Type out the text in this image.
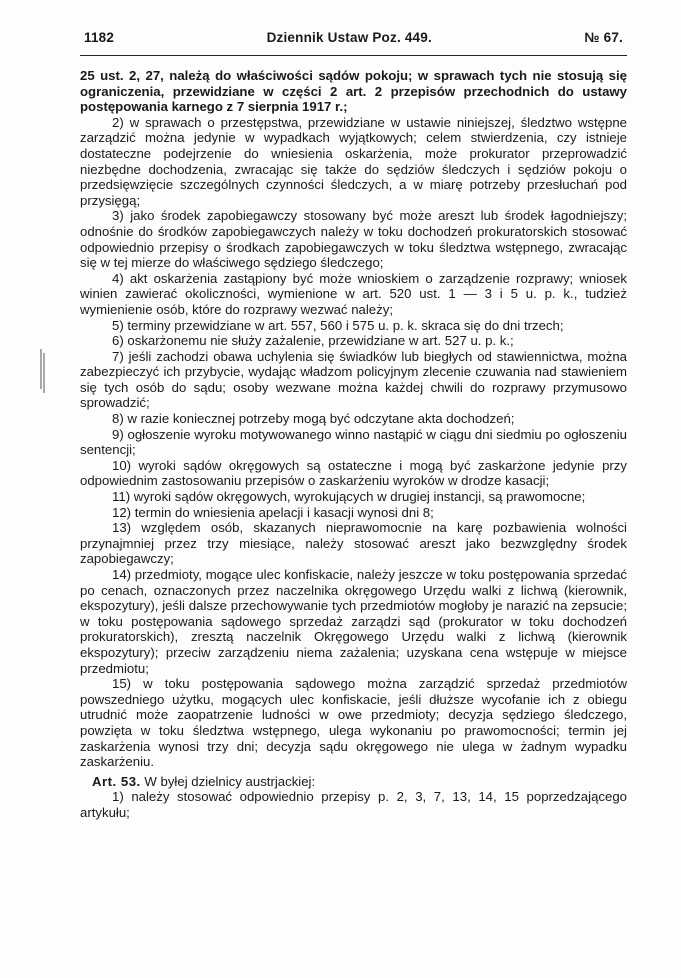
1182	Dziennik Ustaw Poz. 449.	№ 67.

25 ust. 2, 27, należą do właściwości sądów pokoju; w sprawach tych nie stosują się ograniczenia, przewidziane w części 2 art. 2 przepisów przechodnich do ustawy postępowania karnego z 7 sierpnia 1917 r.;

2) w sprawach o przestępstwa, przewidziane w ustawie niniejszej, śledztwo wstępne zarządzić można jedynie w wypadkach wyjątkowych; celem stwierdzenia, czy istnieje dostateczne podejrzenie do wniesienia oskarżenia, może prokurator przeprowadzić niezbędne dochodzenia, zwracając się także do sędziów śledczych i sędziów pokoju o przedsięwzięcie szczególnych czynności śledczych, a w miarę potrzeby przesłuchań pod przysięgą;

3) jako środek zapobiegawczy stosowany być może areszt lub środek łagodniejszy; odnośnie do środków zapobiegawczych należy w toku dochodzeń prokuratorskich stosować odpowiednio przepisy o środkach zapobiegawczych w toku śledztwa wstępnego, zwracając się w tej mierze do właściwego sędziego śledczego;

4) akt oskarżenia zastąpiony być może wnioskiem o zarządzenie rozprawy; wniosek winien zawierać okoliczności, wymienione w art. 520 ust. 1 — 3 i 5 u. p. k., tudzież wymienienie osób, które do rozprawy wezwać należy;

5) terminy przewidziane w art. 557, 560 i 575 u. p. k. skraca się do dni trzech;

6) oskarżonemu nie służy zażalenie, przewidziane w art. 527 u. p. k.;

7) jeśli zachodzi obawa uchylenia się świadków lub biegłych od stawiennictwa, można zabezpieczyć ich przybycie, wydając władzom policyjnym zlecenie czuwania nad stawieniem się tych osób do sądu; osoby wezwane można każdej chwili do rozprawy przymusowo sprowadzić;

8) w razie koniecznej potrzeby mogą być odczytane akta dochodzeń;

9) ogłoszenie wyroku motywowanego winno nastąpić w ciągu dni siedmiu po ogłoszeniu sentencji;

10) wyroki sądów okręgowych są ostateczne i mogą być zaskarżone jedynie przy odpowiednim zastosowaniu przepisów o zaskarżeniu wyroków w drodze kasacji;

11) wyroki sądów okręgowych, wyrokujących w drugiej instancji, są prawomocne;

12) termin do wniesienia apelacji i kasacji wynosi dni 8;

13) względem osób, skazanych nieprawomocnie na karę pozbawienia wolności przynajmniej przez trzy miesiące, należy stosować areszt jako bezwzględny środek zapobiegawczy;

14) przedmioty, mogące ulec konfiskacie, należy jeszcze w toku postępowania sprzedać po cenach, oznaczonych przez naczelnika okręgowego Urzędu walki z lichwą (kierownik, ekspozytury), jeśli dalsze przechowywanie tych przedmiotów mogłoby je narazić na zepsucie; w toku postępowania sądowego sprzedaż zarządzi sąd (prokurator w toku dochodzeń prokuratorskich), zresztą naczelnik Okręgowego Urzędu walki z lichwą (kierownik ekspozytury); przeciw zarządzeniu niema zażalenia; uzyskana cena wstępuje w miejsce przedmiotu;

15) w toku postępowania sądowego można zarządzić sprzedaż przedmiotów powszedniego użytku, mogących ulec konfiskacie, jeśli dłuższe wycofanie ich z obiegu utrudnić może zaopatrzenie ludności w owe przedmioty; decyzja sędziego śledczego, powzięta w toku śledztwa wstępnego, ulega wykonaniu po prawomocności; termin jej zaskarżenia wynosi trzy dni; decyzja sądu okręgowego nie ulega w żadnym wypadku zaskarżeniu.

Art. 53. W byłej dzielnicy austrjackiej:

1) należy stosować odpowiednio przepisy p. 2, 3, 7, 13, 14, 15 poprzedzającego artykułu;
